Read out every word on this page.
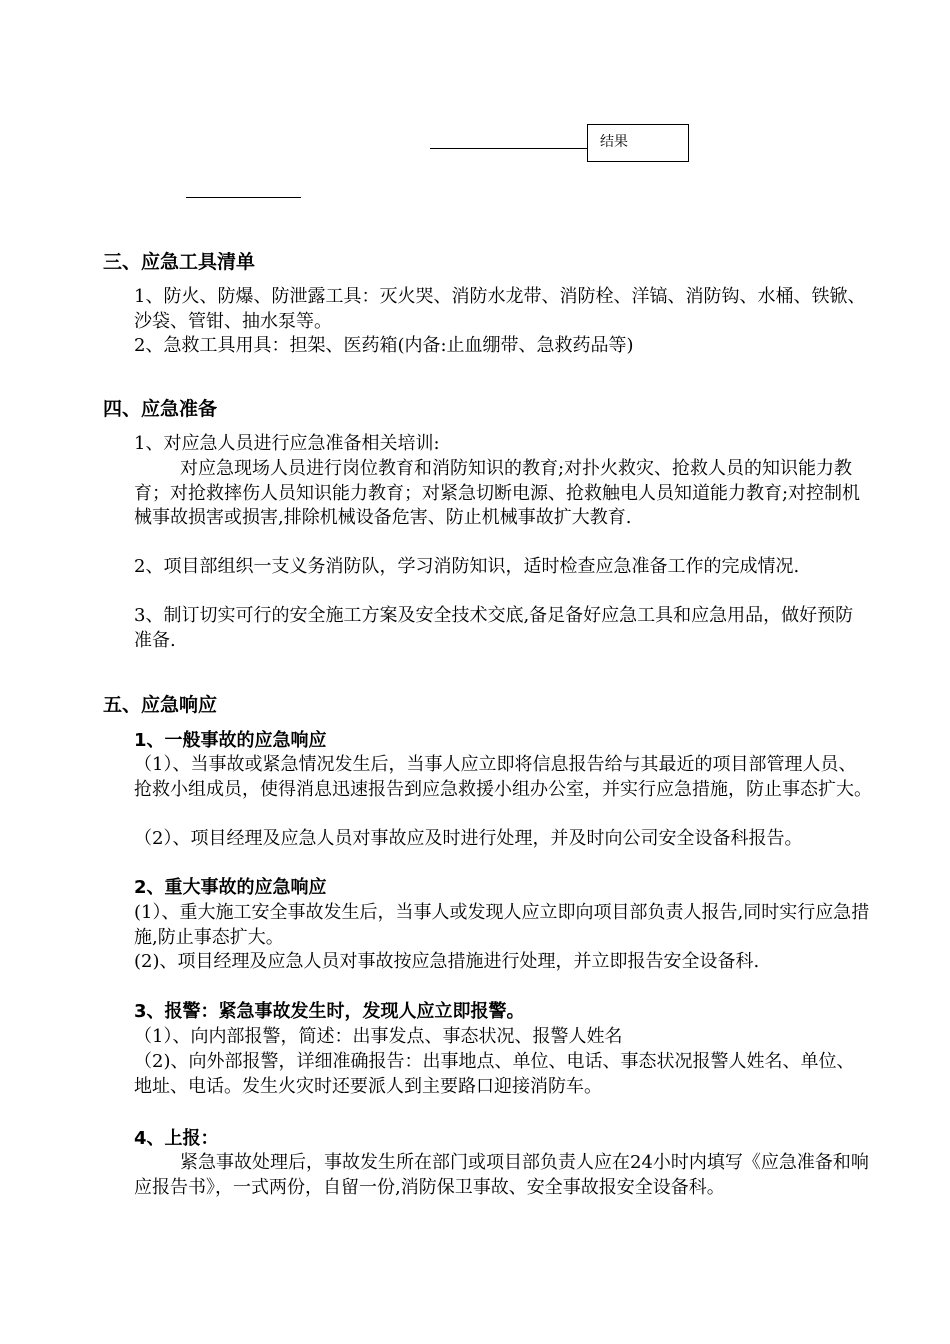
结果
三、应急工具清单
1、防火、防爆、防泄露工具：灭火哭、消防水龙带、消防栓、洋镐、消防钩、水桶、铁锨、沙袋、管钳、抽水泵等。
2、急救工具用具：担架、医药箱(内备:止血绷带、急救药品等)
四、应急准备
1、对应急人员进行应急准备相关培训:
对应急现场人员进行岗位教育和消防知识的教育;对扑火救灾、抢救人员的知识能力教育；对抢救摔伤人员知识能力教育；对紧急切断电源、抢救触电人员知道能力教育;对控制机械事故损害或损害,排除机械设备危害、防止机械事故扩大教育.
2、项目部组织一支义务消防队，学习消防知识，适时检查应急准备工作的完成情况.
3、制订切实可行的安全施工方案及安全技术交底,备足备好应急工具和应急用品，做好预防准备.
五、应急响应
1、一般事故的应急响应
（1）、当事故或紧急情况发生后，当事人应立即将信息报告给与其最近的项目部管理人员、抢救小组成员，使得消息迅速报告到应急救援小组办公室，并实行应急措施，防止事态扩大。
（2）、项目经理及应急人员对事故应及时进行处理，并及时向公司安全设备科报告。
2、重大事故的应急响应
(1）、重大施工安全事故发生后，当事人或发现人应立即向项目部负责人报告,同时实行应急措施,防止事态扩大。
(2)、项目经理及应急人员对事故按应急措施进行处理，并立即报告安全设备科.
3、报警：紧急事故发生时，发现人应立即报警。
（1）、向内部报警，简述：出事发点、事态状况、报警人姓名
（2)、向外部报警，详细准确报告：出事地点、单位、电话、事态状况报警人姓名、单位、地址、电话。发生火灾时还要派人到主要路口迎接消防车。
4、上报：
紧急事故处理后，事故发生所在部门或项目部负责人应在24小时内填写《应急准备和响应报告书》，一式两份，自留一份,消防保卫事故、安全事故报安全设备科。
